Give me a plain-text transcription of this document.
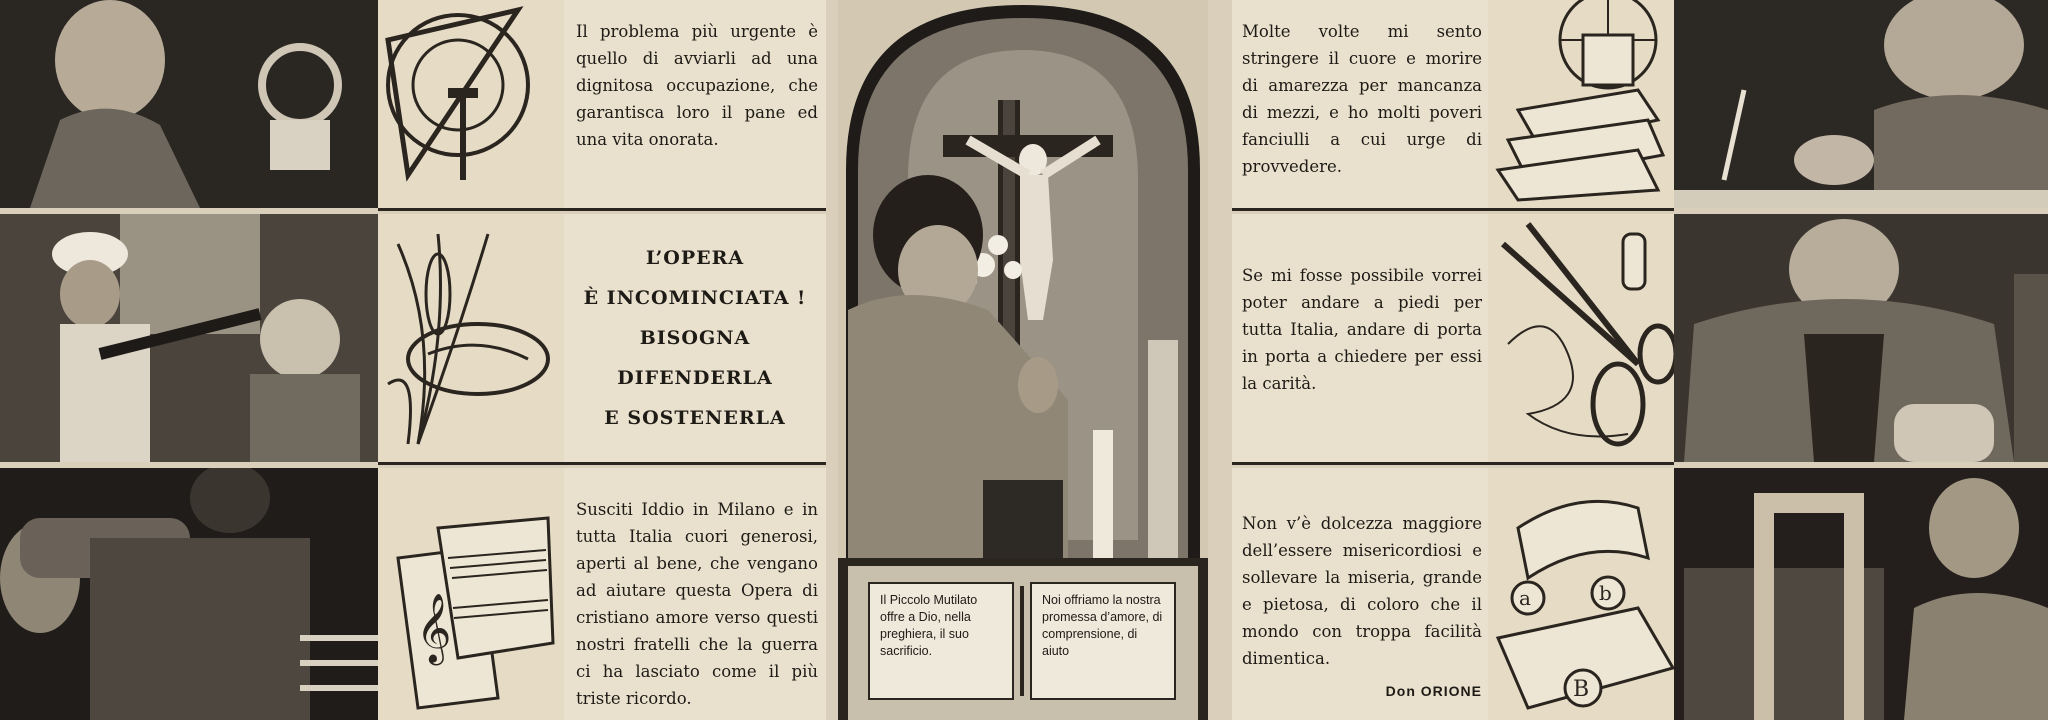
𝄞

Il problema più urgente è quello di avviarli ad una dignitosa occupazione, che garantisca loro il pane ed una vita onorata.

L’OPERA
È INCOMINCIATA !
BISOGNA
DIFENDERLA
E SOSTENERLA

Susciti Iddio in Milano e in tutta Italia cuori generosi, aperti al bene, che vengano ad aiutare questa Opera di cristiano amore verso questi nostri fratelli che la guerra ci ha lasciato come il più triste ricordo.

Il Piccolo Mutilato offre a Dio, nella preghiera, il suo sacrificio.
Noi offriamo la nostra promessa d’amore, di comprensione, di aiuto

Molte volte mi sento stringere il cuore e morire di amarezza per mancanza di mezzi, e ho molti poveri fanciulli a cui urge di provvedere.

Se mi fosse possibile vorrei poter andare a piedi per tutta Italia, andare di porta in porta a chiedere per essi la carità.

Non v’è dolcezza maggiore dell’essere misericordiosi e sollevare la miseria, grande e pietosa, di coloro che il mondo con troppa facilità dimentica.

Don ORIONE
a	b
B
